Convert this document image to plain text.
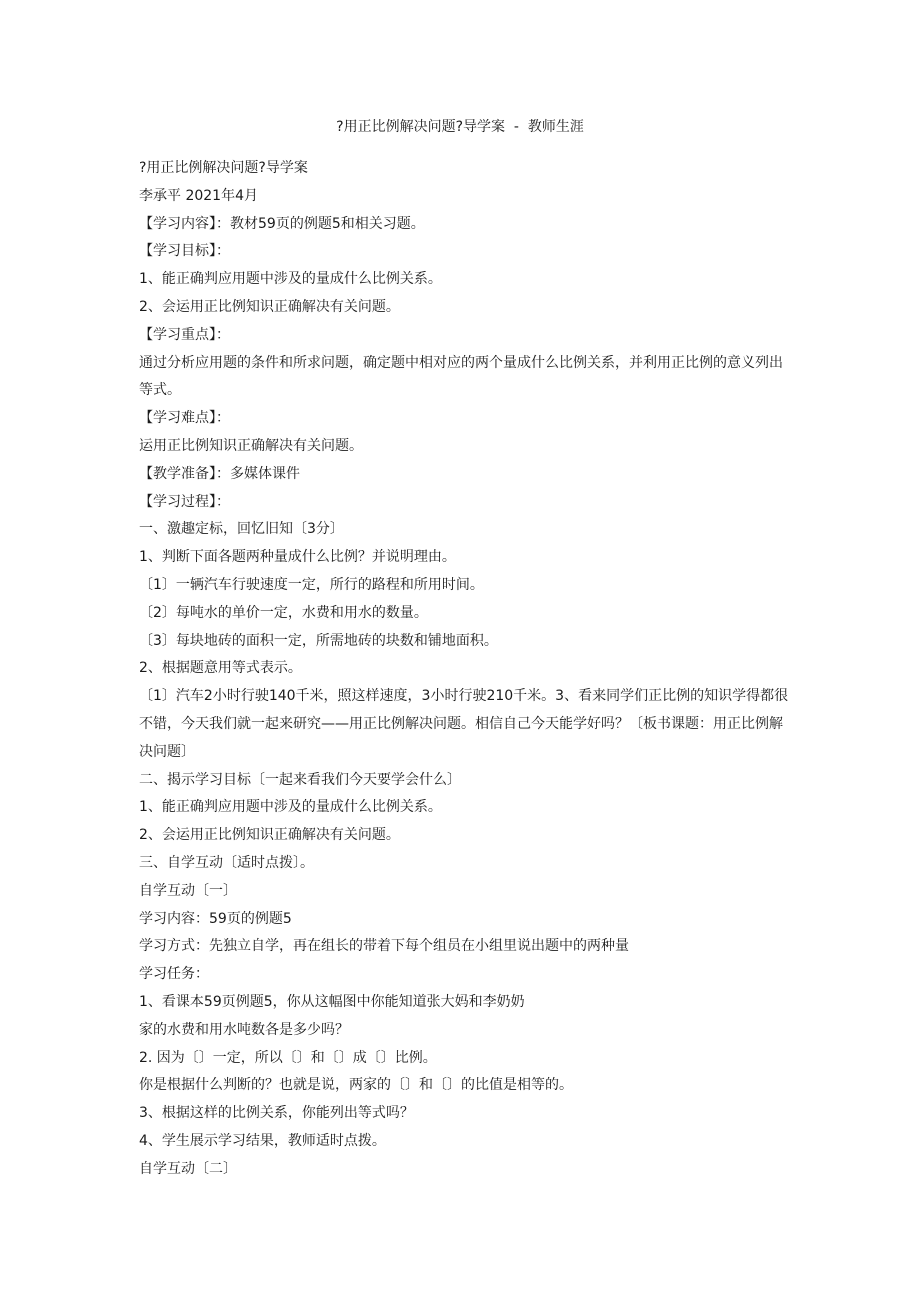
?用正比例解决问题?导学案  -  教师生涯
?用正比例解决问题?导学案
李承平 2021年4月
【学习内容】：教材59页的例题5和相关习题。
【学习目标】：
1、能正确判应用题中涉及的量成什么比例关系。
2、会运用正比例知识正确解决有关问题。
【学习重点】：
通过分析应用题的条件和所求问题，确定题中相对应的两个量成什么比例关系，并利用正比例的意义列出等式。
【学习难点】：
运用正比例知识正确解决有关问题。
【教学准备】：多媒体课件
【学习过程】：
一、激趣定标，回忆旧知〔3分〕
1、判断下面各题两种量成什么比例？并说明理由。
〔1〕一辆汽车行驶速度一定，所行的路程和所用时间。
〔2〕每吨水的单价一定，水费和用水的数量。
〔3〕每块地砖的面积一定，所需地砖的块数和铺地面积。
2、根据题意用等式表示。
〔1〕汽车2小时行驶140千米，照这样速度，3小时行驶210千米。3、看来同学们正比例的知识学得都很不错，今天我们就一起来研究——用正比例解决问题。相信自己今天能学好吗？〔板书课题：用正比例解决问题〕
二、揭示学习目标〔一起来看我们今天要学会什么〕
1、能正确判应用题中涉及的量成什么比例关系。
2、会运用正比例知识正确解决有关问题。
三、自学互动〔适时点拨〕。
自学互动〔一〕
学习内容：59页的例题5
学习方式：先独立自学，再在组长的带着下每个组员在小组里说出题中的两种量
学习任务：
1、看课本59页例题5，你从这幅图中你能知道张大妈和李奶奶
家的水费和用水吨数各是多少吗？
2. 因为〔〕一定，所以〔〕和〔〕成〔〕比例。
你是根据什么判断的？也就是说，两家的〔〕和〔〕的比值是相等的。
3、根据这样的比例关系，你能列出等式吗？
4、学生展示学习结果，教师适时点拨。
自学互动〔二〕
